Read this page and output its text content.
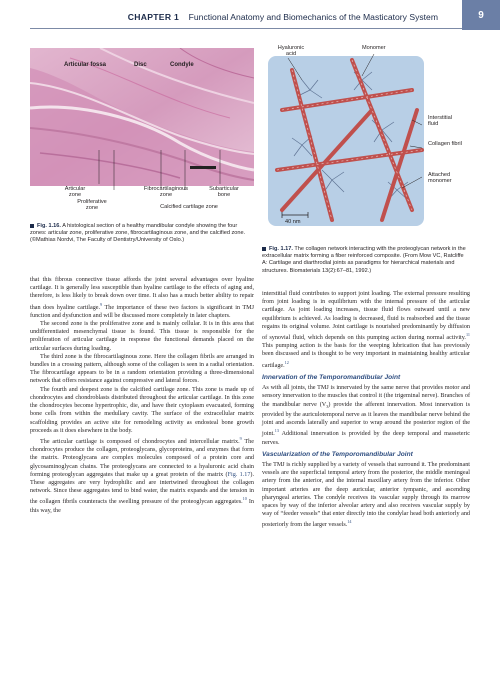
CHAPTER 1 Functional Anatomy and Biomechanics of the Masticatory System	9
Articular fossa	Disc	Condyle
Articular zone
Proliferative zone
Fibrocartilaginous zone
Calcified cartilage zone
Subarticular bone
Fig. 1.16. A histological section of a healthy mandibular condyle showing the four zones: articular zone, proliferative zone, fibrocartilaginous zone, and the calcified zone. (©Mathias Nordvi, The Faculty of Dentistry/University of Oslo.)
Hyaluronic acid
Monomer
Interstitial fluid
Collagen fibril
Attached monomer
40 nm
Fig. 1.17. The collagen network interacting with the proteoglycan network in the extracellular matrix forming a fiber reinforced composite. (From Mow VC, Ratcliffe A: Cartilage and diarthrodial joints as paradigms for hierarchical materials and structures. Biomaterials 13(2):67–81, 1992.)

that this fibrous connective tissue affords the joint several advantages over hyaline cartilage. It is generally less susceptible than hyaline cartilage to the effects of aging and, therefore, is less likely to break down over time. It also has a much better ability to repair than does hyaline cartilage.$^9$ The importance of these two factors is significant in TMJ function and dysfunction and will be discussed more completely in later chapters.

The second zone is the proliferative zone and is mainly cellular. It is in this area that undifferentiated mesenchymal tissue is found. This tissue is responsible for the proliferation of articular cartilage in response the functional demands placed on the articular surfaces during loading.

The third zone is the fibrocartilaginous zone. Here the collagen fibrils are arranged in bundles in a crossing pattern, although some of the collagen is seen in a radial orientation. The fibrocartilage appears to be in a random orientation providing a three-dimensional network that offers resistance against compressive and lateral forces.

The fourth and deepest zone is the calcified cartilage zone. This zone is made up of chondrocytes and chondroblasts distributed throughout the articular cartilage. In this zone the chondrocytes become hypertrophic, die, and have their cytoplasm evacuated, forming bone cells from within the medullary cavity. The surface of the extracellular matrix scaffolding provides an active site for remodeling activity as endosteal bone growth proceeds as it does elsewhere in the body.

The articular cartilage is composed of chondrocytes and intercellular matrix.$^9$ The chondrocytes produce the collagen, proteoglycans, glycoproteins, and enzymes that form the matrix. Proteoglycans are complex molecules composed of a protein core and glycosaminoglycan chains. The proteoglycans are connected to a hyaluronic acid chain forming proteoglycan aggregates that make up a great protein of the matrix (Fig. 1.17). These aggregates are very hydrophilic and are intertwined throughout the collagen network. Since these aggregates tend to bind water, the matrix expands and the tension in the collagen fibrils counteracts the swelling pressure of the proteoglycan aggregates.$^{10}$ In this way, the

interstitial fluid contributes to support joint loading. The external pressure resulting from joint loading is in equilibrium with the internal pressure of the articular cartilage. As joint loading increases, tissue fluid flows outward until a new equilibrium is achieved. As loading is decreased, fluid is reabsorbed and the tissue regains its original volume. Joint cartilage is nourished predominantly by diffusion of synovial fluid, which depends on this pumping action during normal activity.$^{11}$ This pumping action is the basis for the weeping lubrication that has previously been discussed and is thought to be very important in maintaining healthy articular cartilage.$^{12}$

Innervation of the Temporomandibular Joint

As with all joints, the TMJ is innervated by the same nerve that provides motor and sensory innervation to the muscles that control it (the trigeminal nerve). Branches of the mandibular nerve $(V_3)$ provide the afferent innervation. Most innervation is provided by the auriculotemporal nerve as it leaves the mandibular nerve behind the joint and ascends laterally and superior to wrap around the posterior region of the joint.$^{13}$ Additional innervation is provided by the deep temporal and masseteric nerves.

Vascularization of the Temporomandibular Joint

The TMJ is richly supplied by a variety of vessels that surround it. The predominant vessels are the superficial temporal artery from the posterior, the middle meningeal artery from the anterior, and the internal maxillary artery from the inferior. Other important arteries are the deep auricular, anterior tympanic, and ascending pharyngeal arteries. The condyle receives its vascular supply through its marrow spaces by way of the inferior alveolar artery and also receives vascular supply by way of “feeder vessels” that enter directly into the condylar head both anteriorly and posteriorly from the larger vessels.$^{14}$
